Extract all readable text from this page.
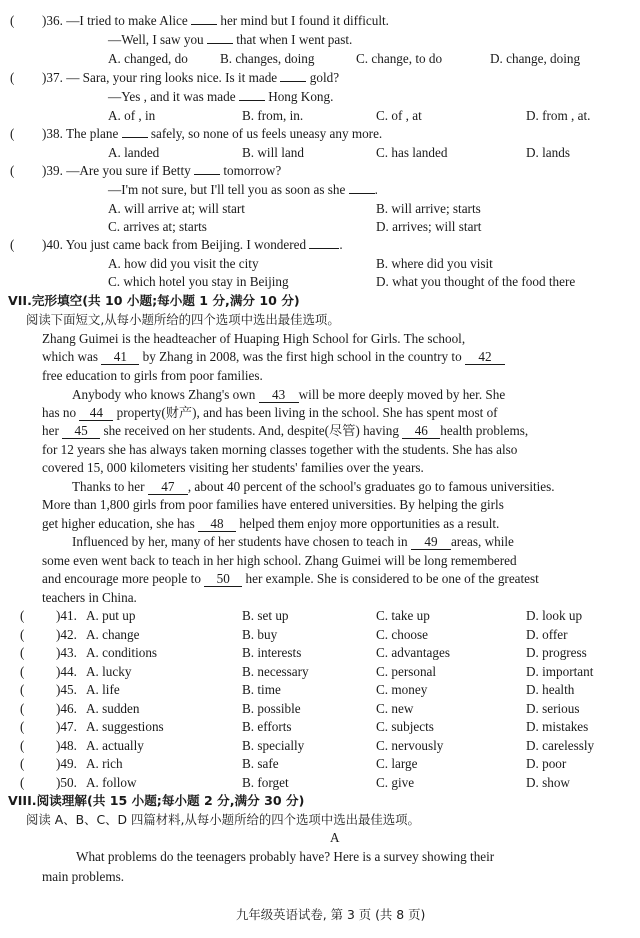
( )36. —I tried to make Alice her mind but I found it difficult.
—Well, I saw you that when I went past.
A. changed, do B. changes, doing	C. change, to do	D. change, doing
( )37. — Sara, your ring looks nice. Is it made gold?
—Yes , and it was made Hong Kong.
A. of , in	B. from, in.	C. of , at	D. from , at.
( )38. The plane safely, so none of us feels uneasy any more.
A. landed	B. will land	C. has landed	D. lands
( )39. —Are you sure if Betty tomorrow?
—I'm not sure, but I'll tell you as soon as she .
A. will arrive at; will start	B. will arrive; starts
C. arrives at; starts	D. arrives; will start
( )40. You just came back from Beijing. I wondered	.
A. how did you visit the city	B. where did you visit
C. which hotel you stay in Beijing	D. what you thought of the food there
VII.完形填空(共 10 小题;每小题 1 分,满分 10 分)
阅读下面短文,从每小题所给的四个选项中选出最佳选项。
Zhang Guimei is the headteacher of Huaping High School for Girls. The school,
which was 41 by Zhang in 2008, was the first high school in the country to 42
free education to girls from poor families.
Anybody who knows Zhang's own 43 will be more deeply moved by her. She
has no 44 property(财产), and has been living in the school. She has spent most of
her 45 she received on her students. And, despite(尽管) having 46 health problems,
for 12 years she has always taken morning classes together with the students. She has also
covered 15, 000 kilometers visiting her students' families over the years.
Thanks to her 47 , about 40 percent of the school's graduates go to famous universities.
More than 1,800 girls from poor families have entered universities. By helping the girls
get higher education, she has 48 helped them enjoy more opportunities as a result.
Influenced by her, many of her students have chosen to teach in 49 areas, while
some even went back to teach in her high school. Zhang Guimei will be long remembered
and encourage more people to 50 her example. She is considered to be one of the greatest
teachers in China.
( )41. A. put up	B. set up	C. take up	D. look up
( )42. A. change	B. buy	C. choose	D. offer
( )43. A. conditions	B. interests	C. advantages	D. progress
( )44. A. lucky	B. necessary	C. personal	D. important
( )45. A. life	B. time	C. money	D. health
( )46. A. sudden	B. possible	C. new	D. serious
( )47. A. suggestions	B. efforts	C. subjects	D. mistakes
( )48. A. actually	B. specially	C. nervously	D. carelessly
( )49. A. rich	B. safe	C. large	D. poor
( )50. A. follow	B. forget	C. give	D. show
VIII.阅读理解(共 15 小题;每小题 2 分,满分 30 分)
阅读 A、B、C、D 四篇材料,从每小题所给的四个选项中选出最佳选项。
A
What problems do the teenagers probably have? Here is a survey showing their
main problems.
九年级英语试卷, 第 3 页 (共 8 页)
